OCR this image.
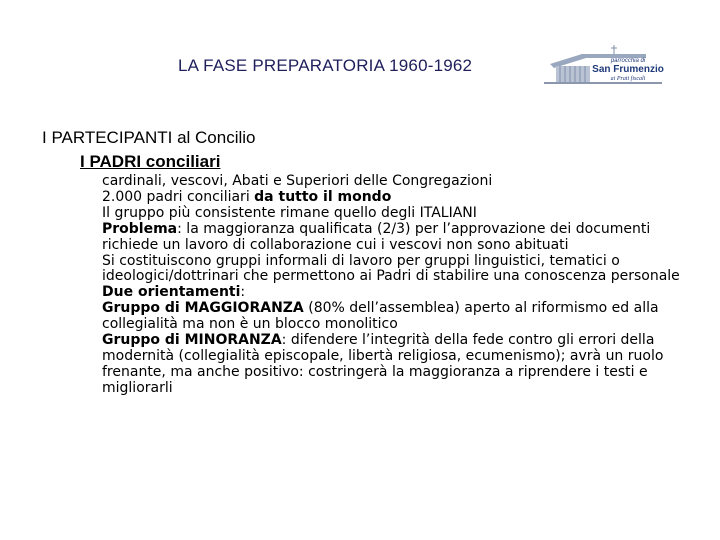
LA FASE PREPARATORIA 1960-1962	parrocchia di
San Frumenzio
ai Prati fiscali
I PARTECIPANTI al Concilio
I PADRI conciliari

cardinali, vescovi, Abati e Superiori delle Congregazioni

2.000 padri conciliari da tutto il mondo

Il gruppo più consistente rimane quello degli ITALIANI

Problema: la maggioranza qualificata (2/3) per l’approvazione dei documenti richiede un lavoro di collaborazione cui i vescovi non sono abituati

Si costituiscono gruppi informali di lavoro per gruppi linguistici, tematici o ideologici/dottrinari che permettono ai Padri di stabilire una conoscenza personale

Due orientamenti:

Gruppo di MAGGIORANZA (80% dell’assemblea) aperto al riformismo ed alla collegialità ma non è un blocco monolitico

Gruppo di MINORANZA: difendere l’integrità della fede contro gli errori della modernità (collegialità episcopale, libertà religiosa, ecumenismo); avrà un ruolo frenante, ma anche positivo: costringerà la maggioranza a riprendere i testi e migliorarli
